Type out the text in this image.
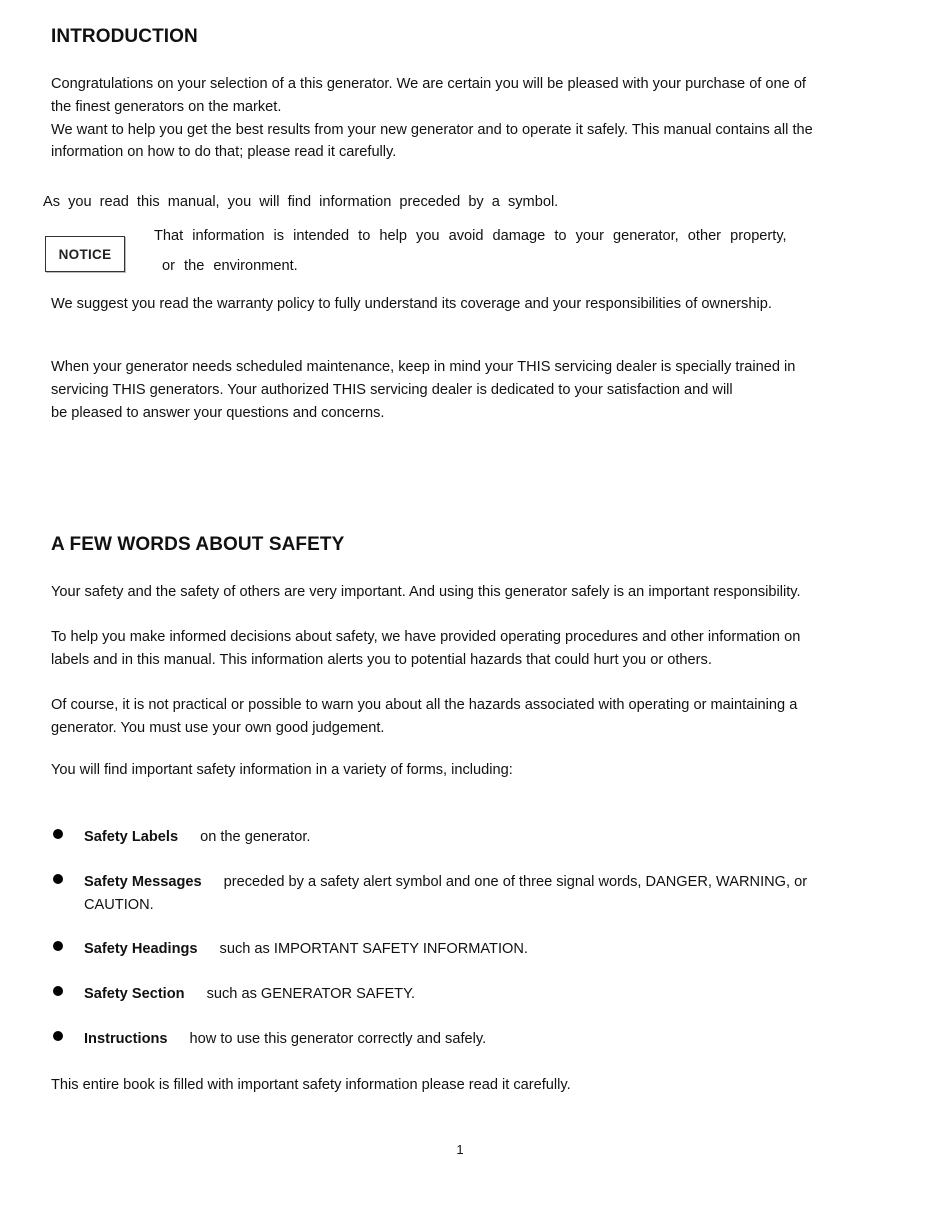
INTRODUCTION

Congratulations on your selection of a this generator. We are certain you will be pleased with your purchase of one of
the finest generators on the market.
We want to help you get the best results from your new generator and to operate it safely. This manual contains all the
information on how to do that; please read it carefully.

As you read this manual, you will find information preceded by a symbol.
NOTICE
That information is intended to help you avoid damage to your generator, other property,
or the environment.

We suggest you read the warranty policy to fully understand its coverage and your responsibilities of ownership.

When your generator needs scheduled maintenance, keep in mind your THIS servicing dealer is specially trained in
servicing THIS generators. Your authorized THIS servicing dealer is dedicated to your satisfaction and will
be pleased to answer your questions and concerns.

A FEW WORDS ABOUT SAFETY

Your safety and the safety of others are very important. And using this generator safely is an important responsibility.

To help you make informed decisions about safety, we have provided operating procedures and other information on
labels and in this manual. This information alerts you to potential hazards that could hurt you or others.

Of course, it is not practical or possible to warn you about all the hazards associated with operating or maintaining a
generator. You must use your own good judgement.

You will find important safety information in a variety of forms, including:

Safety Labels on the generator.
Safety Messages preceded by a safety alert symbol and one of three signal words, DANGER, WARNING, or
CAUTION.
Safety Headings such as IMPORTANT SAFETY INFORMATION.
Safety Section such as GENERATOR SAFETY.
Instructions how to use this generator correctly and safely.

This entire book is filled with important safety information please read it carefully.

1
